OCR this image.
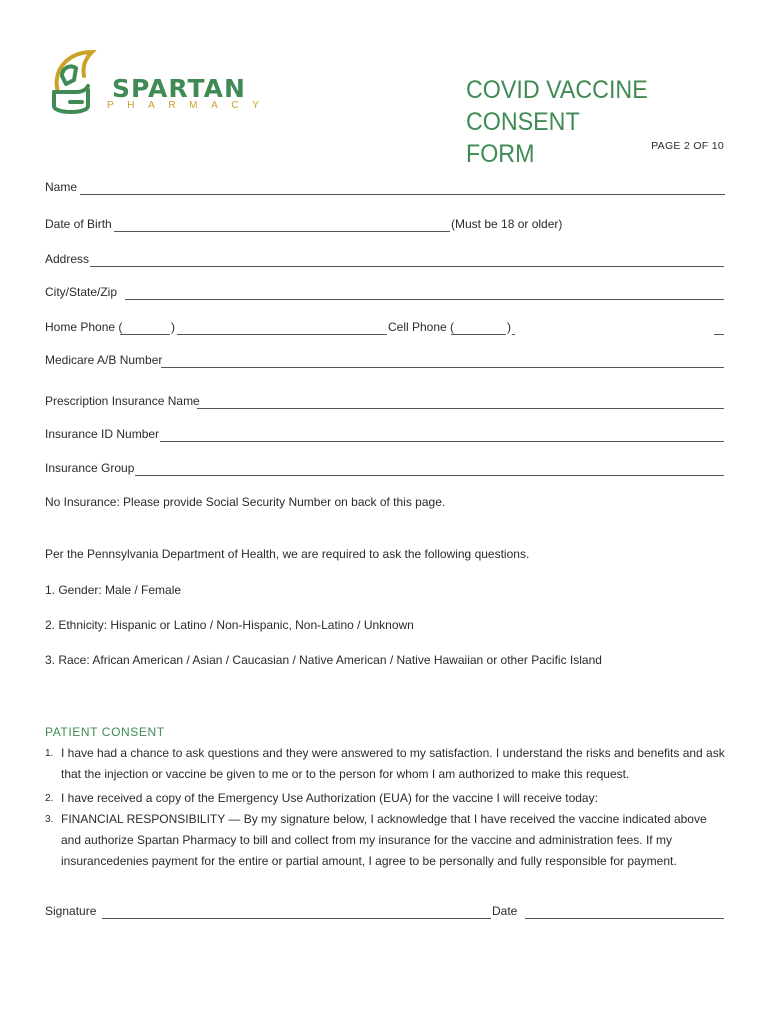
SPARTAN
PHARMACY
COVID VACCINE CONSENT
FORM	PAGE 2 OF 10
Name
Date of Birth	(Must be 18 or older)
Address
City/State/Zip
Home Phone (	)	Cell Phone (	)
Medicare A/B Number
Prescription Insurance Name
Insurance ID Number
Insurance Group
No Insurance: Please provide Social Security Number on back of this page.
Per the Pennsylvania Department of Health, we are required to ask the following questions.
1. Gender: Male / Female
2. Ethnicity: Hispanic or Latino / Non-Hispanic, Non-Latino / Unknown
3. Race: African American / Asian / Caucasian / Native American / Native Hawaiian or other Pacific Island
PATIENT CONSENT
1. I have had a chance to ask questions and they were answered to my satisfaction. I understand the risks and benefits and ask that the injection or vaccine be given to me or to the person for whom I am authorized to make this request.
2. I have received a copy of the Emergency Use Authorization (EUA) for the vaccine I will receive today:
3. FINANCIAL RESPONSIBILITY — By my signature below, I acknowledge that I have received the vaccine indicated above and authorize Spartan Pharmacy to bill and collect from my insurance for the vaccine and administration fees. If my insurancedenies payment for the entire or partial amount, I agree to be personally and fully responsible for payment.
Signature	Date
